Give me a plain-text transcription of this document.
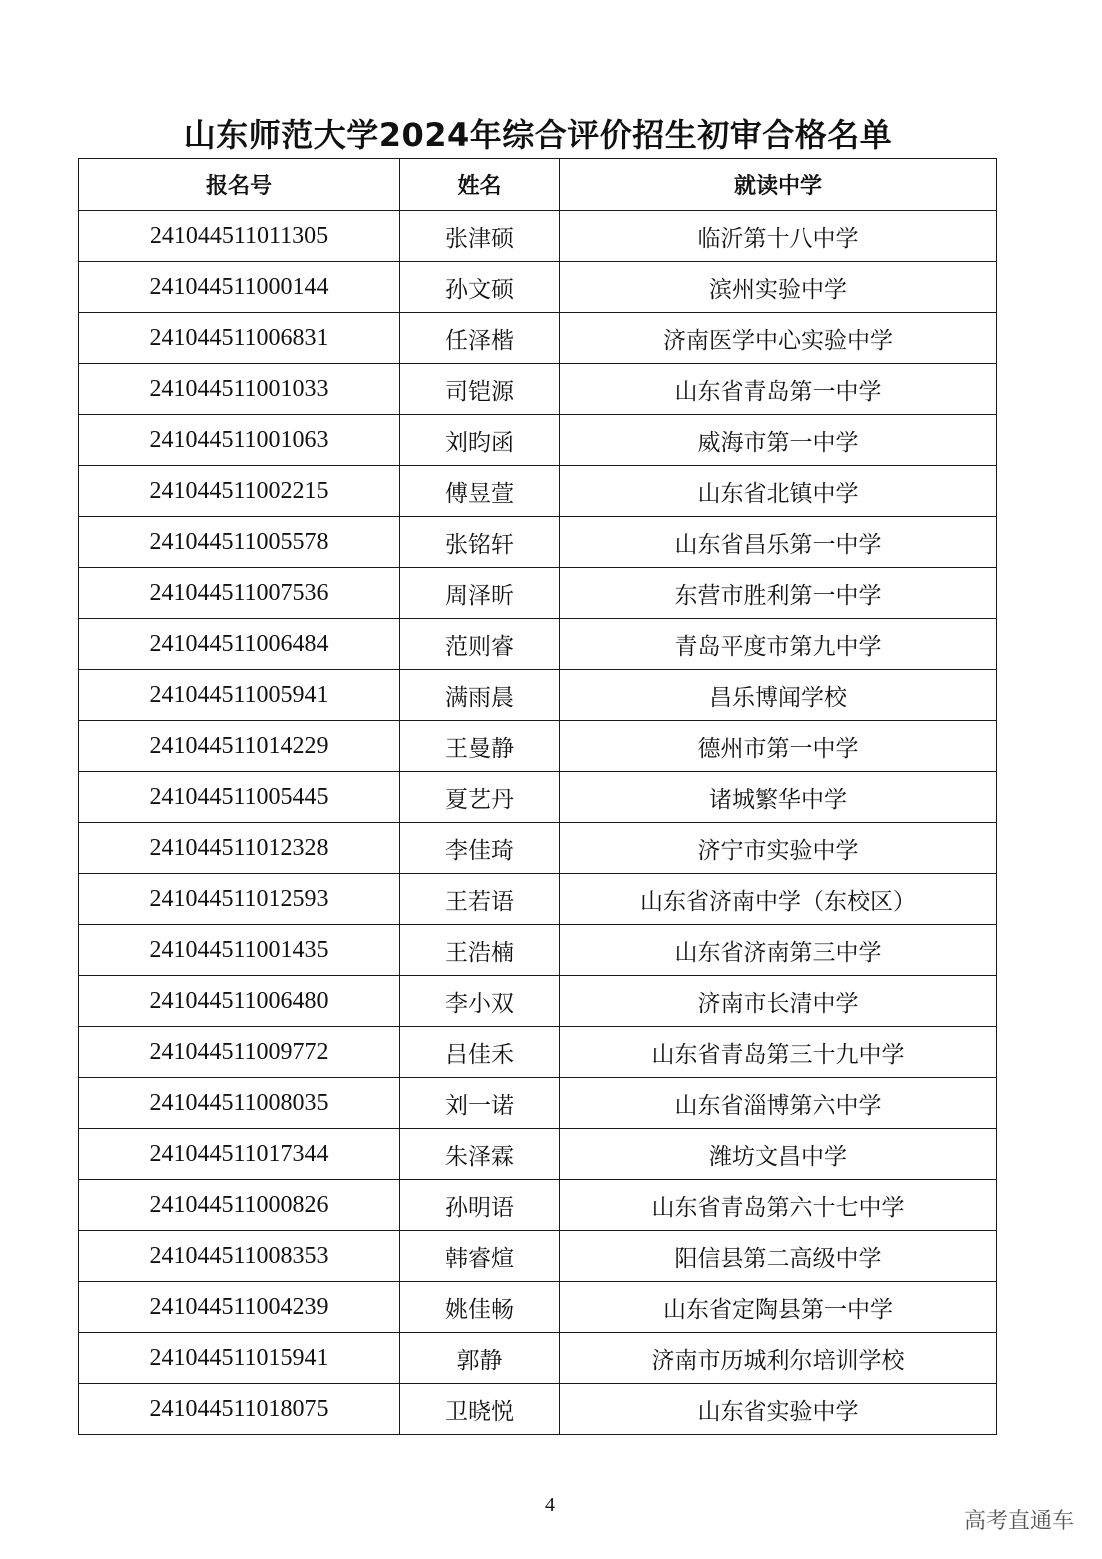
山东师范大学2024年综合评价招生初审合格名单
报名号	姓名	就读中学
241044511011305	张津硕	临沂第十八中学
241044511000144	孙文硕	滨州实验中学
241044511006831	任泽楷	济南医学中心实验中学
241044511001033	司铠源	山东省青岛第一中学
241044511001063	刘昀函	威海市第一中学
241044511002215	傅昱萱	山东省北镇中学
241044511005578	张铭轩	山东省昌乐第一中学
241044511007536	周泽昕	东营市胜利第一中学
241044511006484	范则睿	青岛平度市第九中学
241044511005941	满雨晨	昌乐博闻学校
241044511014229	王曼静	德州市第一中学
241044511005445	夏艺丹	诸城繁华中学
241044511012328	李佳琦	济宁市实验中学
241044511012593	王若语	山东省济南中学（东校区）
241044511001435	王浩楠	山东省济南第三中学
241044511006480	李小双	济南市长清中学
241044511009772	吕佳禾	山东省青岛第三十九中学
241044511008035	刘一诺	山东省淄博第六中学
241044511017344	朱泽霖	潍坊文昌中学
241044511000826	孙明语	山东省青岛第六十七中学
241044511008353	韩睿煊	阳信县第二高级中学
241044511004239	姚佳畅	山东省定陶县第一中学
241044511015941	郭静	济南市历城利尔培训学校
241044511018075	卫晓悦	山东省实验中学
4
高考直通车
